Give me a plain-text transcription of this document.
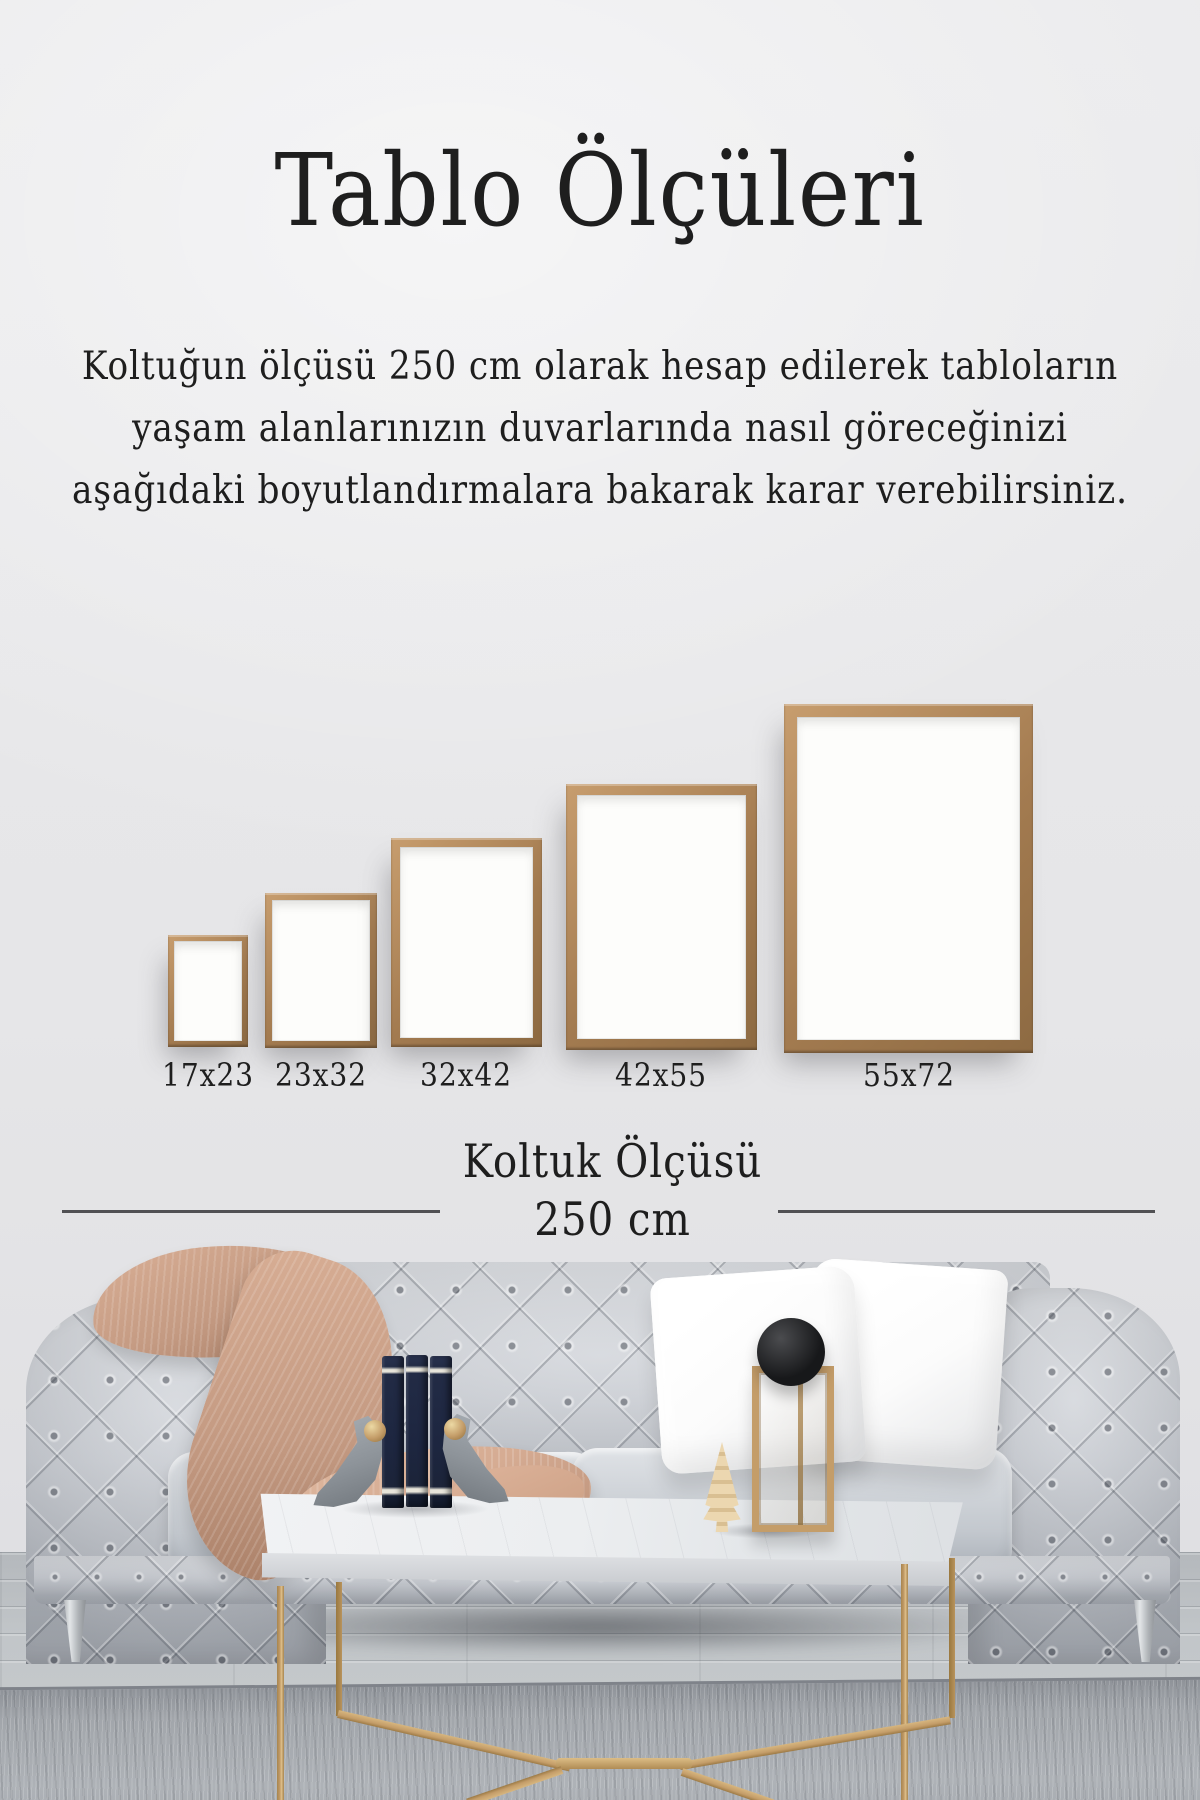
Tablo Ölçüleri
Koltuğun ölçüsü 250 cm olarak hesap edilerek tabloların
yaşam alanlarınızın duvarlarında nasıl göreceğinizi
aşağıdaki boyutlandırmalara bakarak karar verebilirsiniz.
17x23 23x32	32x42	42x55	55x72
Koltuk Ölçüsü
250 cm
